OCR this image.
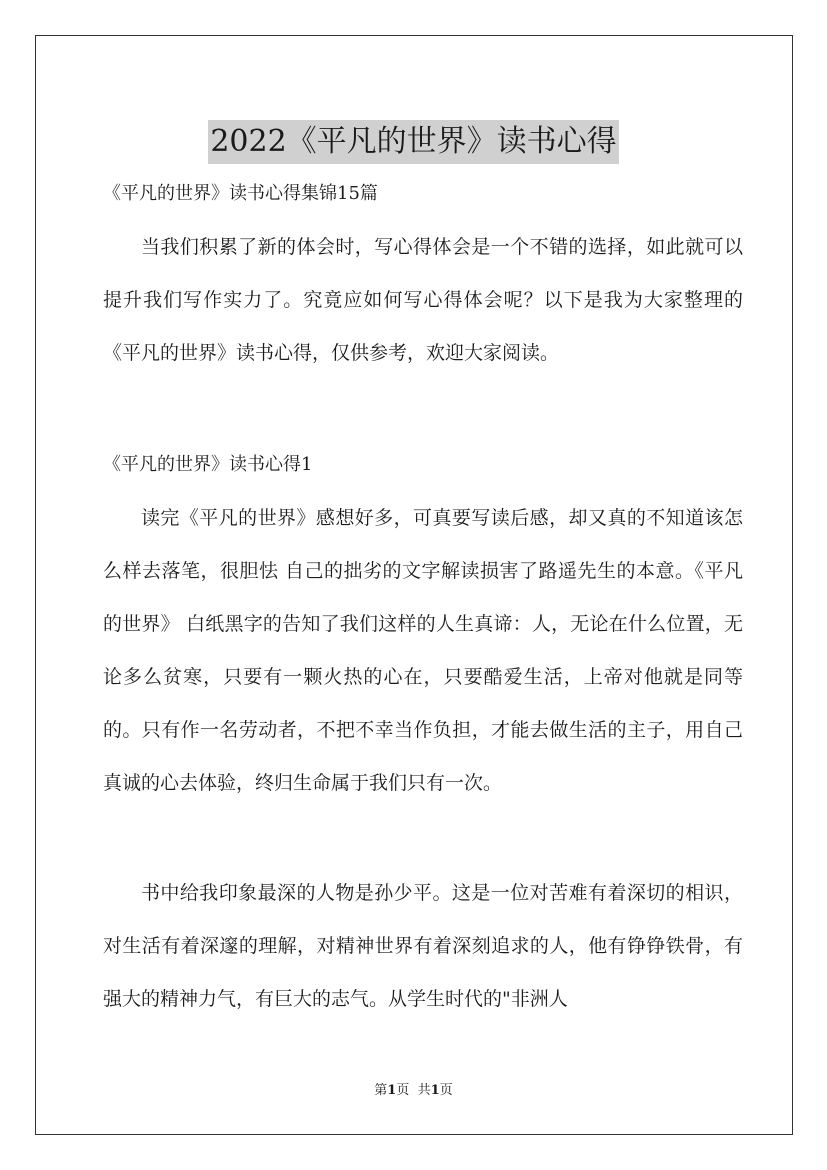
2022《平凡的世界》读书心得

《平凡的世界》读书心得集锦15篇

当我们积累了新的体会时，写心得体会是一个不错的选择，如此就可以提升我们写作实力了。究竟应如何写心得体会呢？以下是我为大家整理的《平凡的世界》读书心得，仅供参考，欢迎大家阅读。

《平凡的世界》读书心得1

读完《平凡的世界》感想好多，可真要写读后感，却又真的不知道该怎么样去落笔，很胆怯 自己的拙劣的文字解读损害了路遥先生的本意。《平凡的世界》 白纸黑字的告知了我们这样的人生真谛：人，无论在什么位置，无论多么贫寒，只要有一颗火热的心在，只要酷爱生活，上帝对他就是同等的。只有作一名劳动者，不把不幸当作负担，才能去做生活的主子，用自己真诚的心去体验，终归生命属于我们只有一次。

书中给我印象最深的人物是孙少平。这是一位对苦难有着深切的相识，对生活有着深邃的理解，对精神世界有着深刻追求的人，他有铮铮铁骨，有强大的精神力气，有巨大的志气。从学生时代的"非洲人

第1页 共1页
